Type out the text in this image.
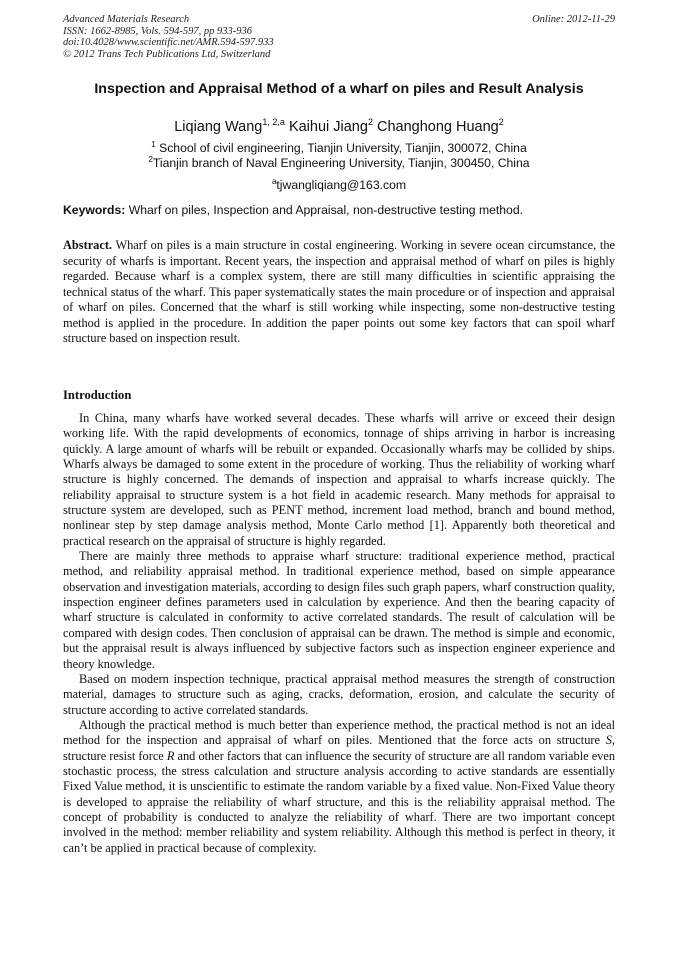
Advanced Materials Research
ISSN: 1662-8985, Vols. 594-597, pp 933-936
doi:10.4028/www.scientific.net/AMR.594-597.933
© 2012 Trans Tech Publications Ltd, Switzerland
Online: 2012-11-29
Inspection and Appraisal Method of a wharf on piles and Result Analysis
Liqiang Wang$^{1, 2,a}$ Kaihui Jiang$^2$ Changhong Huang$^2$
$^1$ School of civil engineering, Tianjin University, Tianjin, 300072, China
$^2$Tianjin branch of Naval Engineering University, Tianjin, 300450, China
$^a$tjwangliqiang@163.com
Keywords: Wharf on piles, Inspection and Appraisal, non-destructive testing method.

Abstract. Wharf on piles is a main structure in costal engineering. Working in severe ocean circumstance, the security of wharfs is important. Recent years, the inspection and appraisal method of wharf on piles is highly regarded. Because wharf is a complex system, there are still many difficulties in scientific appraising the technical status of the wharf. This paper systematically states the main procedure or of inspection and appraisal of wharf on piles. Concerned that the wharf is still working while inspecting, some non-destructive testing method is applied in the procedure. In addition the paper points out some key factors that can spoil wharf structure based on inspection result.

Introduction

In China, many wharfs have worked several decades. These wharfs will arrive or exceed their design working life. With the rapid developments of economics, tonnage of ships arriving in harbor is increasing quickly. A large amount of wharfs will be rebuilt or expanded. Occasionally wharfs may be collided by ships. Wharfs always be damaged to some extent in the procedure of working. Thus the reliability of working wharf structure is highly concerned. The demands of inspection and appraisal to wharfs increase quickly. The reliability appraisal to structure system is a hot field in academic research. Many methods for appraisal to structure system are developed, such as PENT method, increment load method, branch and bound method, nonlinear step by step damage analysis method, Monte Carlo method [1]. Apparently both theoretical and practical research on the appraisal of structure is highly regarded.

There are mainly three methods to appraise wharf structure: traditional experience method, practical method, and reliability appraisal method. In traditional experience method, based on simple appearance observation and investigation materials, according to design files such graph papers, wharf construction quality, inspection engineer defines parameters used in calculation by experience. And then the bearing capacity of wharf structure is calculated in conformity to active correlated standards. The result of calculation will be compared with design codes. Then conclusion of appraisal can be drawn. The method is simple and economic, but the appraisal result is always influenced by subjective factors such as inspection engineer experience and theory knowledge.

Based on modern inspection technique, practical appraisal method measures the strength of construction material, damages to structure such as aging, cracks, deformation, erosion, and calculate the security of structure according to active correlated standards.

Although the practical method is much better than experience method, the practical method is not an ideal method for the inspection and appraisal of wharf on piles. Mentioned that the force acts on structure S, structure resist force R and other factors that can influence the security of structure are all random variable even stochastic process, the stress calculation and structure analysis according to active standards are essentially Fixed Value method, it is unscientific to estimate the random variable by a fixed value. Non-Fixed Value theory is developed to appraise the reliability of wharf structure, and this is the reliability appraisal method. The concept of probability is conducted to analyze the reliability of wharf. There are two important concept involved in the method: member reliability and system reliability. Although this method is perfect in theory, it can’t be applied in practical because of complexity.
